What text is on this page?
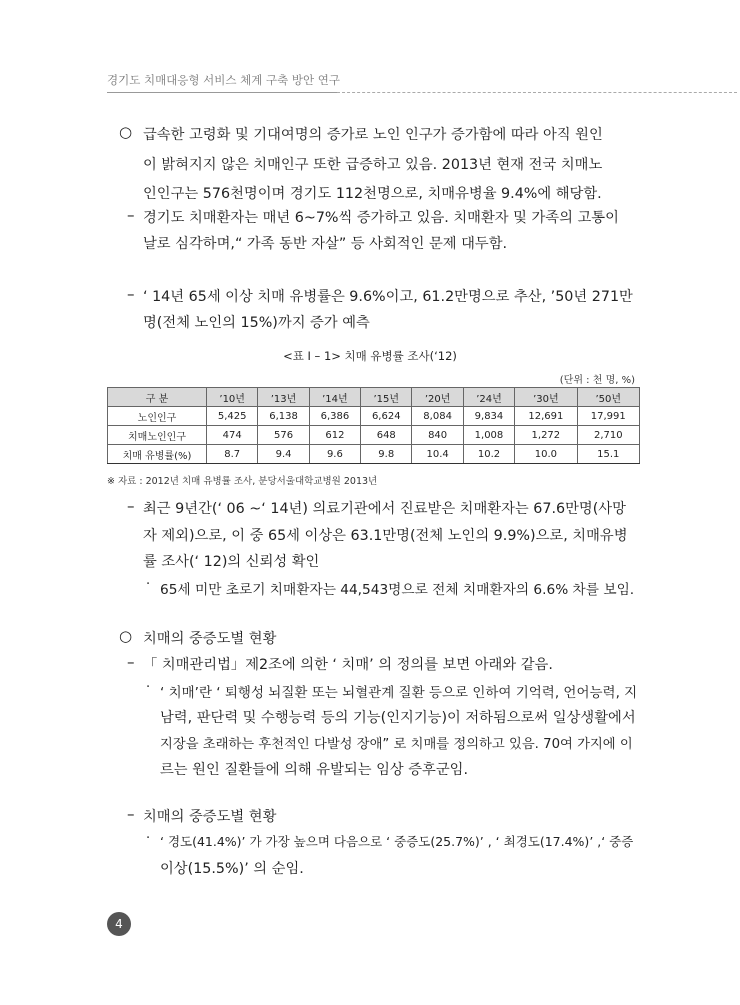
경기도 치매대응형 서비스 체계 구축 방안 연구
○ 급속한 고령화 및 기대여명의 증가로 노인 인구가 증가함에 따라 아직 원인
이 밝혀지지 않은 치매인구 또한 급증하고 있음. 2013년 현재 전국 치매노
인인구는 576천명이며 경기도 112천명으로, 치매유병율 9.4%에 해당함.
– 경기도 치매환자는 매년 6~7%씩 증가하고 있음. 치매환자 및 가족의 고통이
날로 심각하며,“ 가족 동반 자살” 등 사회적인 문제 대두함.
– ‘ 14년 65세 이상 치매 유병률은 9.6%이고, 61.2만명으로 추산, ’50년 271만
명(전체 노인의 15%)까지 증가 예측
<표 Ⅰ – 1> 치매 유병률 조사(‘12)
(단위 : 천 명, %)
구 분	’10년	’13년	’14년	’15년	’20년	’24년	’30년	’50년
노인인구	5,425	6,138	6,386	6,624	8,084	9,834	12,691	17,991
치매노인인구	474	576	612	648	840	1,008	1,272	2,710
치매 유병률(%)	8.7	9.4	9.6	9.8	10.4	10.2	10.0	15.1
※ 자료 : 2012년 치매 유병률 조사, 분당서울대학교병원 2013년
– 최근 9년간(‘ 06 ~‘ 14년) 의료기관에서 진료받은 치매환자는 67.6만명(사망
자 제외)으로, 이 중 65세 이상은 63.1만명(전체 노인의 9.9%)으로, 치매유병
률 조사(‘ 12)의 신뢰성 확인
· 65세 미만 초로기 치매환자는 44,543명으로 전체 치매환자의 6.6% 차를 보임.
○ 치매의 중증도별 현황
– 「 치매관리법」제2조에 의한 ‘ 치매’ 의 정의를 보면 아래와 같음.
· ‘ 치매’란 ‘ 퇴행성 뇌질환 또는 뇌혈관계 질환 등으로 인하여 기억력, 언어능력, 지
남력, 판단력 및 수행능력 등의 기능(인지기능)이 저하됨으로써 일상생활에서
지장을 초래하는 후천적인 다발성 장애” 로 치매를 정의하고 있음. 70여 가지에 이
르는 원인 질환들에 의해 유발되는 임상 증후군임.
– 치매의 중증도별 현황
· ‘ 경도(41.4%)’ 가 가장 높으며 다음으로 ‘ 중증도(25.7%)’ , ‘ 최경도(17.4%)’ ,‘ 중증
이상(15.5%)’ 의 순임.
4
